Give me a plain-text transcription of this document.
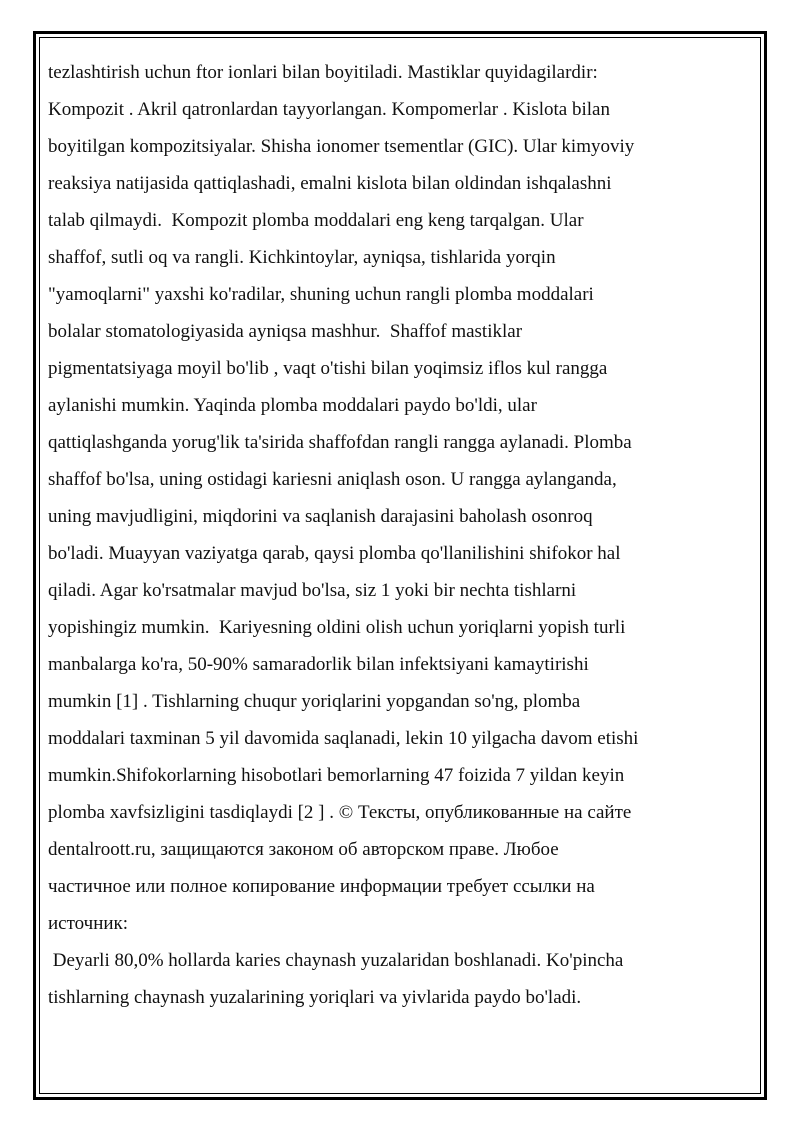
tezlashtirish uchun ftor ionlari bilan boyitiladi. Mastiklar quyidagilardir:
Kompozit . Akril qatronlardan tayyorlangan. Kompomerlar . Kislota bilan
boyitilgan kompozitsiyalar. Shisha ionomer tsementlar (GIC). Ular kimyoviy
reaksiya natijasida qattiqlashadi, emalni kislota bilan oldindan ishqalashni
talab qilmaydi.  Kompozit plomba moddalari eng keng tarqalgan. Ular
shaffof, sutli oq va rangli. Kichkintoylar, ayniqsa, tishlarida yorqin
"yamoqlarni" yaxshi ko'radilar, shuning uchun rangli plomba moddalari
bolalar stomatologiyasida ayniqsa mashhur.  Shaffof mastiklar
pigmentatsiyaga moyil bo'lib , vaqt o'tishi bilan yoqimsiz iflos kul rangga
aylanishi mumkin. Yaqinda plomba moddalari paydo bo'ldi, ular
qattiqlashganda yorug'lik ta'sirida shaffofdan rangli rangga aylanadi. Plomba
shaffof bo'lsa, uning ostidagi kariesni aniqlash oson. U rangga aylanganda,
uning mavjudligini, miqdorini va saqlanish darajasini baholash osonroq
bo'ladi. Muayyan vaziyatga qarab, qaysi plomba qo'llanilishini shifokor hal
qiladi. Agar ko'rsatmalar mavjud bo'lsa, siz 1 yoki bir nechta tishlarni
yopishingiz mumkin.  Kariyesning oldini olish uchun yoriqlarni yopish turli
manbalarga ko'ra, 50-90% samaradorlik bilan infektsiyani kamaytirishi
mumkin [1] . Tishlarning chuqur yoriqlarini yopgandan so'ng, plomba
moddalari taxminan 5 yil davomida saqlanadi, lekin 10 yilgacha davom etishi
mumkin.Shifokorlarning hisobotlari bemorlarning 47 foizida 7 yildan keyin
plomba xavfsizligini tasdiqlaydi [2 ] . © Тексты, опубликованные на сайте
dentalroott.ru, защищаются законом об авторском праве. Любое
частичное или полное копирование информации требует ссылки на
источник:
Deyarli 80,0% hollarda karies chaynash yuzalaridan boshlanadi. Ko'pincha
tishlarning chaynash yuzalarining yoriqlari va yivlarida paydo bo'ladi.
